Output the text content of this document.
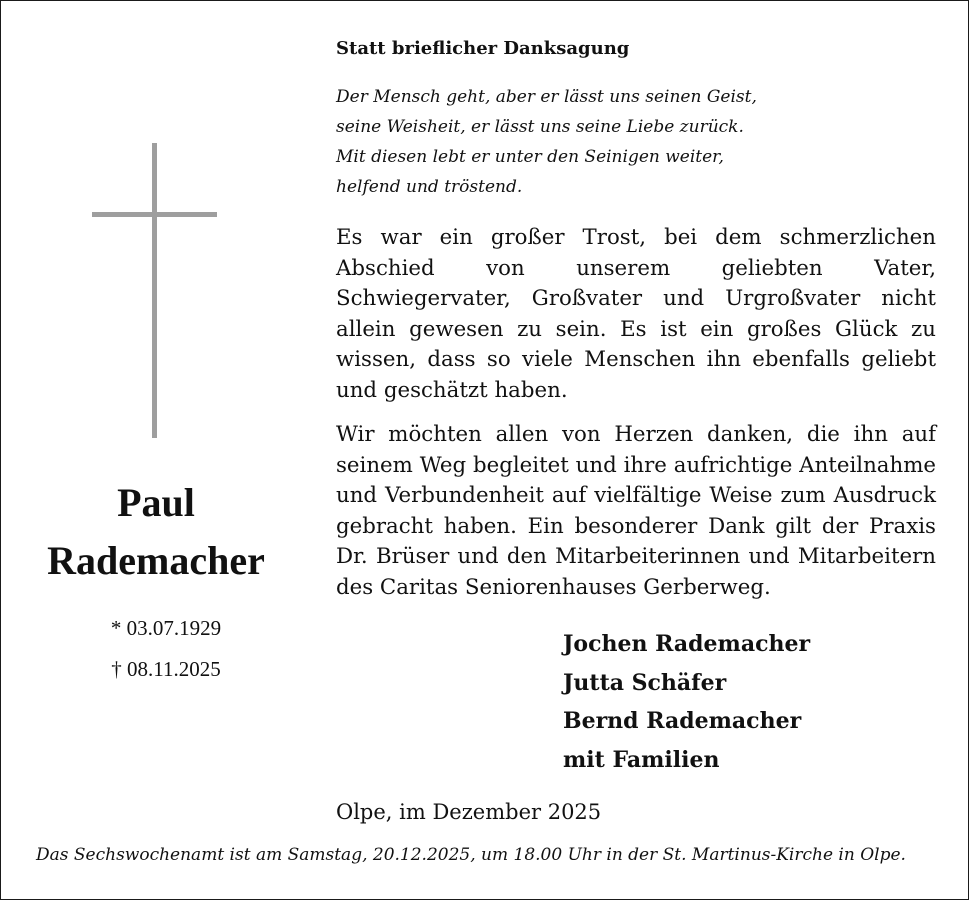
Paul
Rademacher
* 03.07.1929
† 08.11.2025
Statt brieflicher Danksagung
Der Mensch geht, aber er lässt uns seinen Geist,
seine Weisheit, er lässt uns seine Liebe zurück.
Mit diesen lebt er unter den Seinigen weiter,
helfend und tröstend.
Es war ein großer Trost, bei dem schmerzlichen Abschied von unserem geliebten Vater, Schwiegervater, Großvater und Urgroßvater nicht allein gewesen zu sein. Es ist ein großes Glück zu wissen, dass so viele Menschen ihn ebenfalls geliebt und geschätzt haben.
Wir möchten allen von Herzen danken, die ihn auf seinem Weg begleitet und ihre aufrichtige Anteilnahme und Verbundenheit auf vielfältige Weise zum Ausdruck gebracht haben. Ein besonderer Dank gilt der Praxis Dr. Brüser und den Mitarbeiterinnen und Mitarbeitern des Caritas Seniorenhauses Gerberweg.
Jochen Rademacher
Jutta Schäfer
Bernd Rademacher
mit Familien
Olpe, im Dezember 2025
Das Sechswochenamt ist am Samstag, 20.12.2025, um 18.00 Uhr in der St. Martinus-Kirche in Olpe.
